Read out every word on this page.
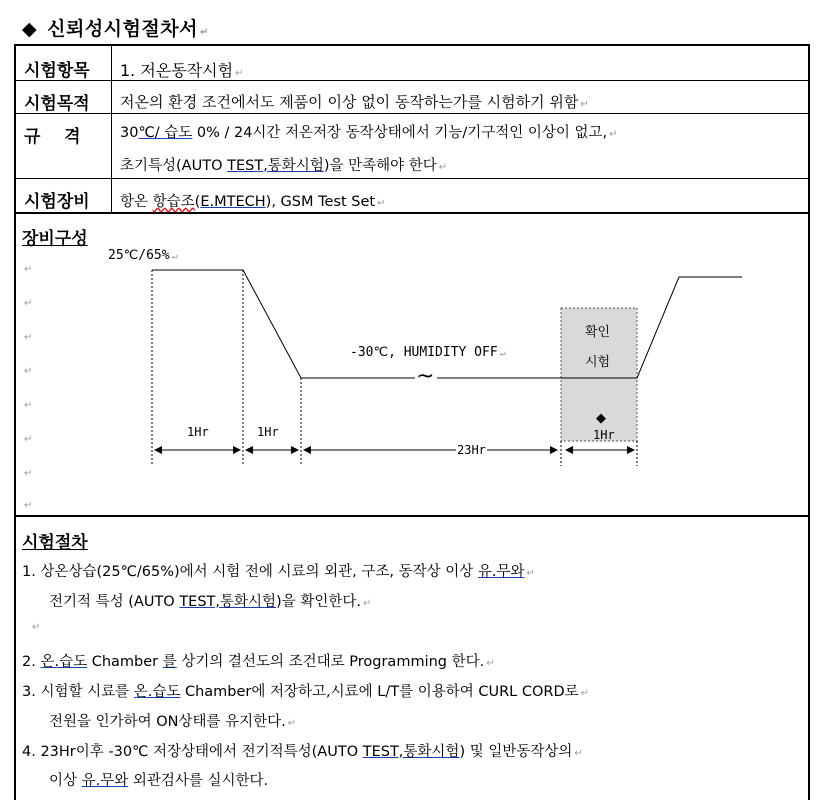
◆ 신뢰성시험절차서 ↵
시험항목 1. 저온동작시험 ↵
시험목적 저온의 환경 조건에서도 제품이 이상 없이 동작하는가를 시험하기 위함 ↵
규    격	30℃/ 습도 0% / 24시간 저온저장 동작상태에서 기능/기구적인 이상이 없고, ↵
초기특성(AUTO TEST,통화시험)을 만족해야 한다 ↵
시험장비 항온 항습조(E.MTECH), GSM Test Set ↵
장비구성
25℃/65% ↵
-30℃, HUMIDITY OFF ↵
~
확인
시험
◆
1Hr
1Hr	1Hr
23Hr
↵
↵
↵
↵
↵
↵
↵
↵
시험절차
1. 상온상습(25℃/65%)에서 시험 전에 시료의 외관, 구조, 동작상 이상 유.무와 ↵
전기적 특성 (AUTO TEST,통화시험)을 확인한다. ↵
↵
2. 온.습도 Chamber 를 상기의 결선도의 조건대로 Programming 한다. ↵
3. 시험할 시료를 온.습도 Chamber에 저장하고,시료에 L/T를 이용하여 CURL CORD로 ↵
전원을 인가하여 ON상태를 유지한다. ↵
4. 23Hr이후 -30℃ 저장상태에서 전기적특성(AUTO TEST,통화시험) 및 일반동작상의 ↵
이상 유.무와 외관검사를 실시한다.
